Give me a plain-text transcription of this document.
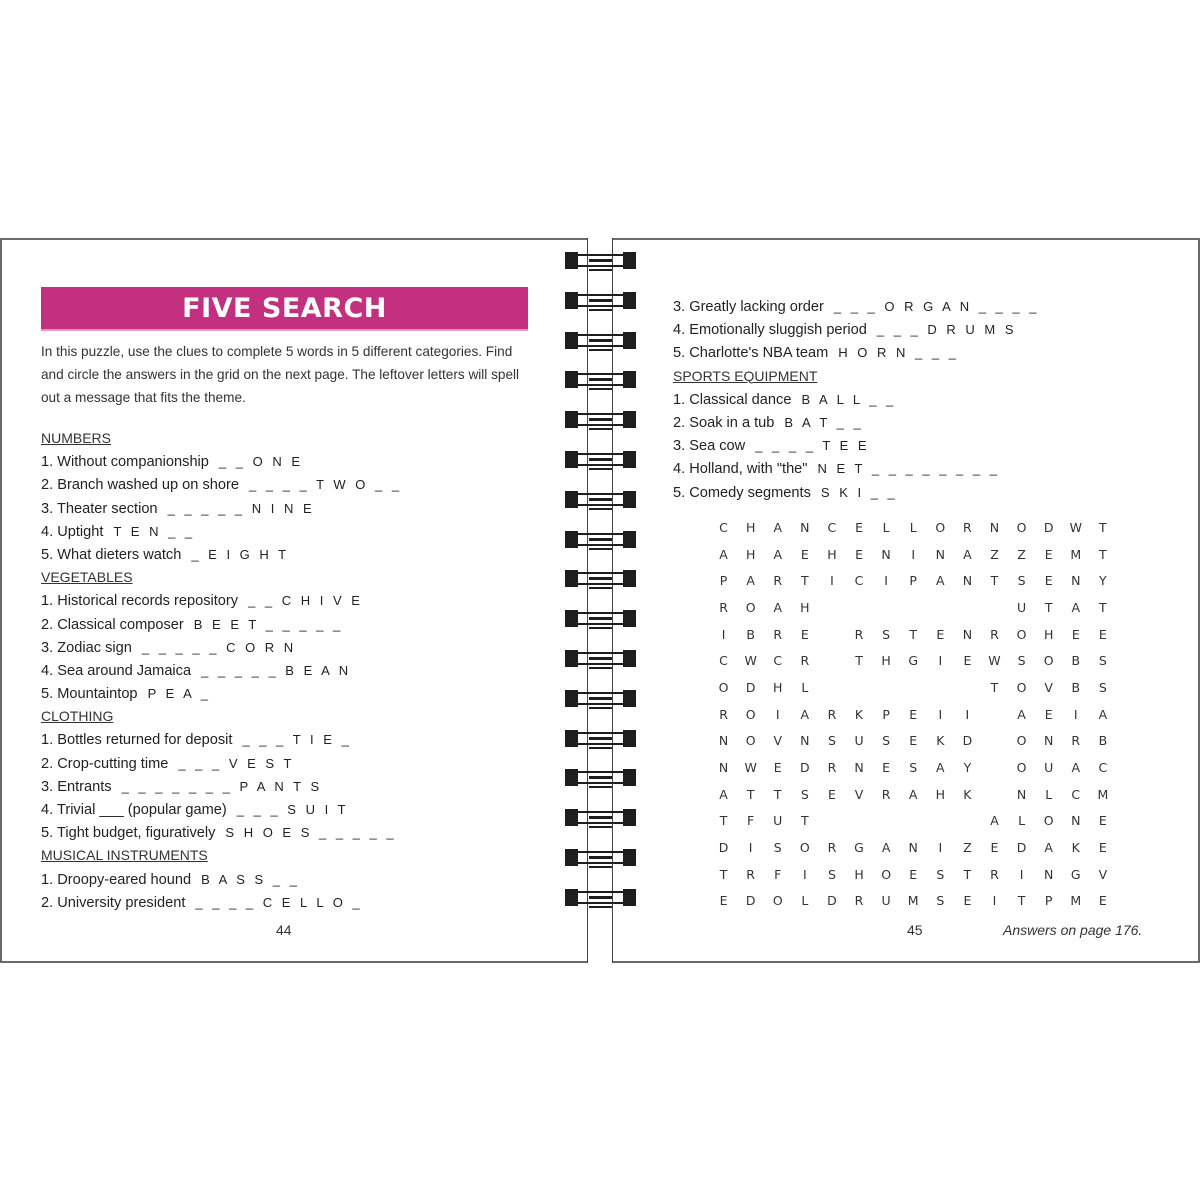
FIVE SEARCH
In this puzzle, use the clues to complete 5 words in 5 different categories. Find and circle the answers in the grid on the next page. The leftover letters will spell out a message that fits the theme.
NUMBERS
1. Without companionship _ _ O N E
2. Branch washed up on shore _ _ _ _ T W O _ _
3. Theater section _ _ _ _ _ N I N E
4. Uptight T E N _ _
5. What dieters watch _ E I G H T
VEGETABLES
1. Historical records repository _ _ C H I V E
2. Classical composer B E E T _ _ _ _ _
3. Zodiac sign _ _ _ _ _ C O R N
4. Sea around Jamaica _ _ _ _ _ B E A N
5. Mountaintop P E A _
CLOTHING
1. Bottles returned for deposit _ _ _ T I E _
2. Crop-cutting time _ _ _ V E S T
3. Entrants _ _ _ _ _ _ _ P A N T S
4. Trivial ___ (popular game) _ _ _ S U I T
5. Tight budget, figuratively S H O E S _ _ _ _ _
MUSICAL INSTRUMENTS
1. Droopy-eared hound B A S S _ _
2. University president _ _ _ _ C E L L O _
3. Greatly lacking order _ _ _ O R G A N _ _ _ _
4. Emotionally sluggish period _ _ _ D R U M S
5. Charlotte's NBA team H O R N _ _ _
SPORTS EQUIPMENT
1. Classical dance B A L L _ _
2. Soak in a tub B A T _ _
3. Sea cow _ _ _ _ T E E
4. Holland, with "the" N E T _ _ _ _ _ _ _ _
5. Comedy segments S K I _ _
C	H	A	N	C	E	L	L	O	R	N	O	D	W	T
A	H	A	E	H	E	N	I	N	A	Z	Z	E	M	T
P	A	R	T	I	C	I	P	A	N	T	S	E	N	Y
R	O	A	H								U	T	A	T
I	B	R	E		R	S	T	E	N	R	O	H	E	E
C	W	C	R		T	H	G	I	E	W	S	O	B	S
O	D	H	L							T	O	V	B	S
R	O	I	A	R	K	P	E	I	I		A	E	I	A
N	O	V	N	S	U	S	E	K	D		O	N	R	B
N	W	E	D	R	N	E	S	A	Y		O	U	A	C
A	T	T	S	E	V	R	A	H	K		N	L	C	M
T	F	U	T							A	L	O	N	E
D	I	S	O	R	G	A	N	I	Z	E	D	A	K	E
T	R	F	I	S	H	O	E	S	T	R	I	N	G	V
E	D	O	L	D	R	U	M	S	E	I	T	P	M	E
44	45	Answers on page 176.
